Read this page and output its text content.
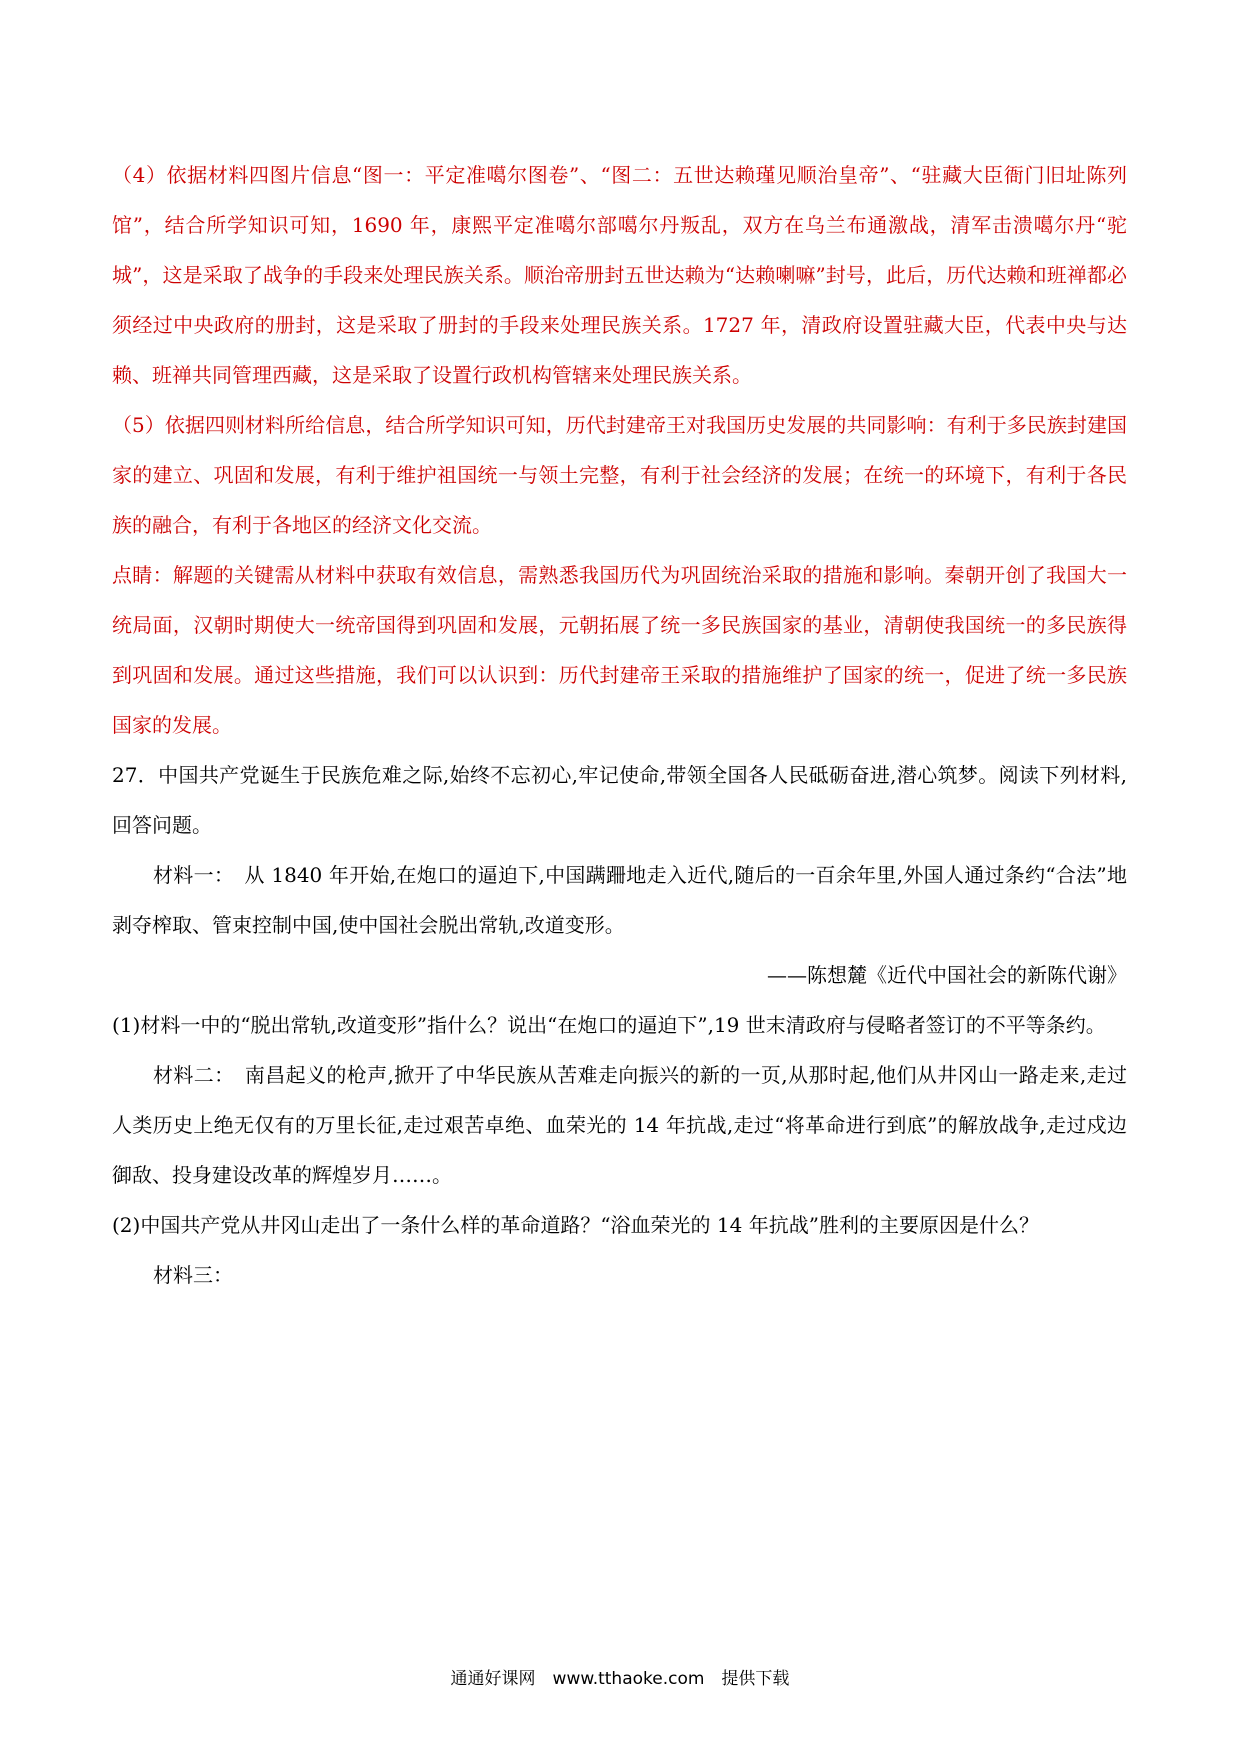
（4）依据材料四图片信息“图一：平定准噶尔图卷”、“图二：五世达赖瑾见顺治皇帝”、“驻藏大臣衙门旧址陈列馆”，结合所学知识可知，1690 年，康熙平定准噶尔部噶尔丹叛乱，双方在乌兰布通激战，清军击溃噶尔丹“驼城”，这是采取了战争的手段来处理民族关系。顺治帝册封五世达赖为“达赖喇嘛”封号，此后，历代达赖和班禅都必须经过中央政府的册封，这是采取了册封的手段来处理民族关系。1727 年，清政府设置驻藏大臣，代表中央与达赖、班禅共同管理西藏，这是采取了设置行政机构管辖来处理民族关系。

（5）依据四则材料所给信息，结合所学知识可知，历代封建帝王对我国历史发展的共同影响：有利于多民族封建国家的建立、巩固和发展，有利于维护祖国统一与领土完整，有利于社会经济的发展；在统一的环境下，有利于各民族的融合，有利于各地区的经济文化交流。

点睛：解题的关键需从材料中获取有效信息，需熟悉我国历代为巩固统治采取的措施和影响。秦朝开创了我国大一统局面，汉朝时期使大一统帝国得到巩固和发展，元朝拓展了统一多民族国家的基业，清朝使我国统一的多民族得到巩固和发展。通过这些措施，我们可以认识到：历代封建帝王采取的措施维护了国家的统一，促进了统一多民族国家的发展。

27．中国共产党诞生于民族危难之际,始终不忘初心,牢记使命,带领全国各人民砥砺奋进,潜心筑梦。阅读下列材料,回答问题。

材料一：　从 1840 年开始,在炮口的逼迫下,中国蹒跚地走入近代,随后的一百余年里,外国人通过条约“合法”地剥夺榨取、管束控制中国,使中国社会脱出常轨,改道变形。

——陈想麓《近代中国社会的新陈代谢》

(1)材料一中的“脱出常轨,改道变形”指什么？说出“在炮口的逼迫下”,19 世末清政府与侵略者签订的不平等条约。

材料二：　南昌起义的枪声,掀开了中华民族从苦难走向振兴的新的一页,从那时起,他们从井冈山一路走来,走过人类历史上绝无仅有的万里长征,走过艰苦卓绝、血荣光的 14 年抗战,走过“将革命进行到底”的解放战争,走过戍边御敌、投身建设改革的辉煌岁月……。

(2)中国共产党从井冈山走出了一条什么样的革命道路？“浴血荣光的 14 年抗战”胜利的主要原因是什么？

材料三：

通通好课网　www.tthaoke.com　提供下载
